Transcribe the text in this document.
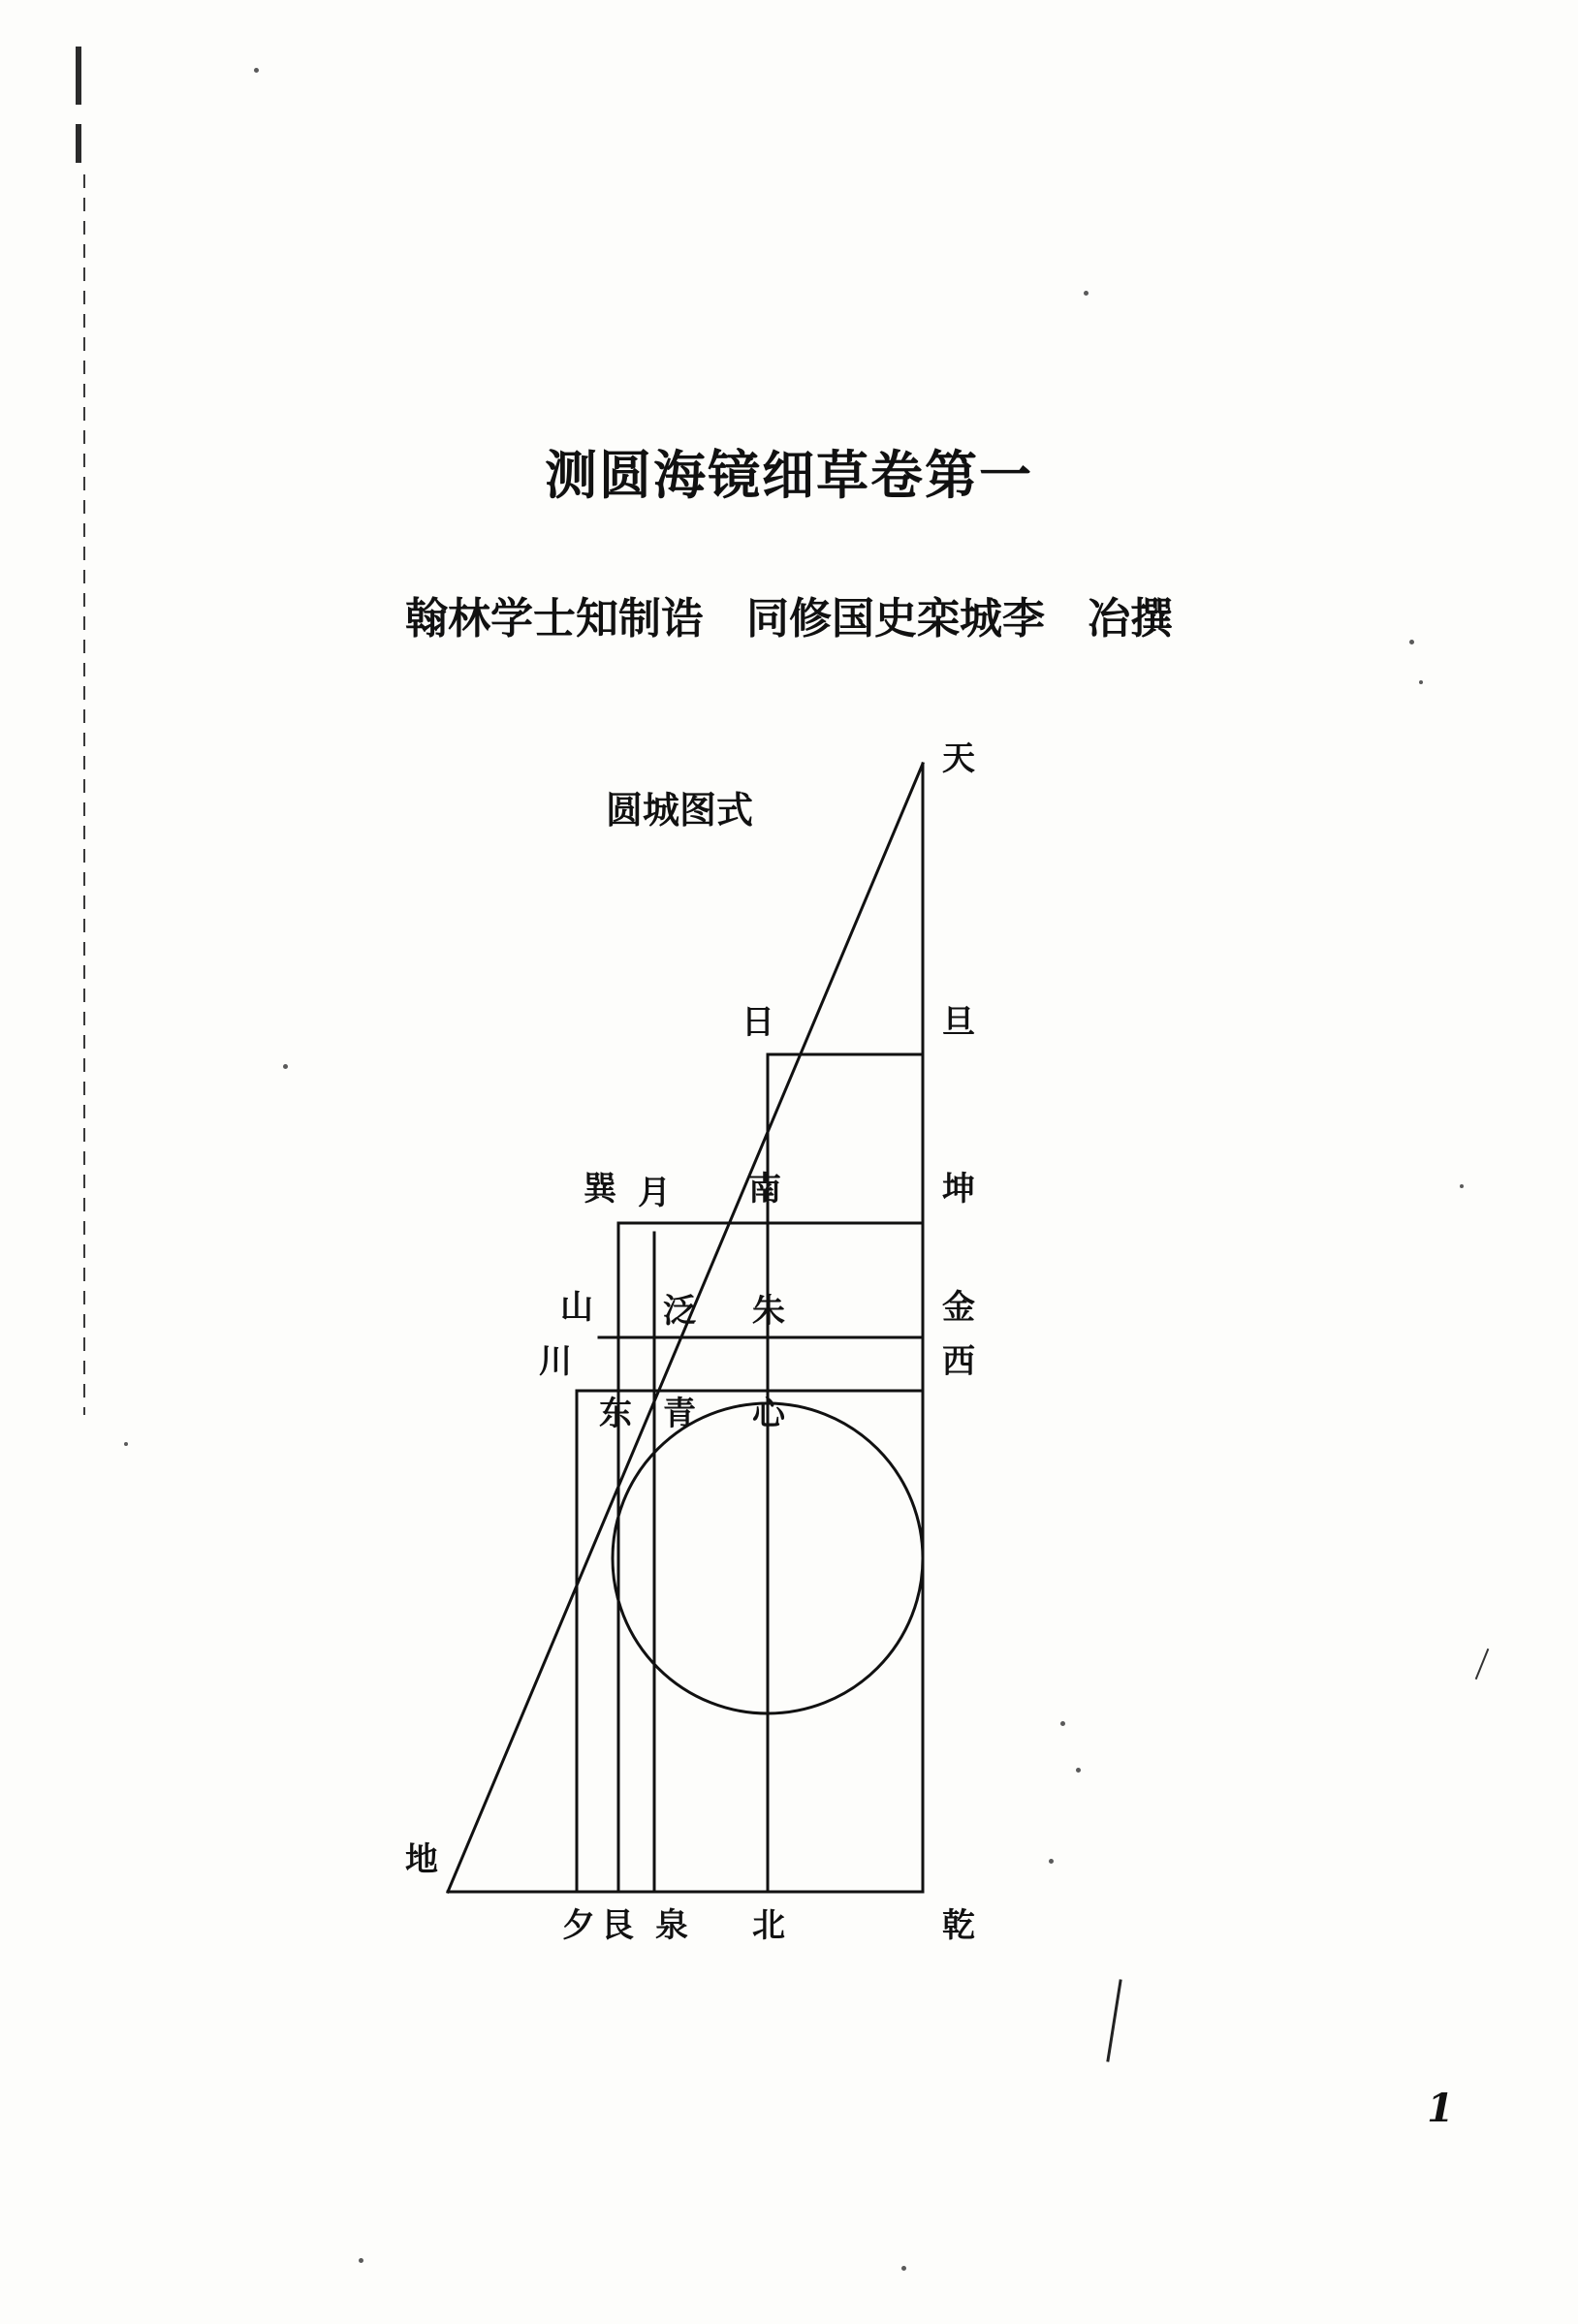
测圆海镜细草卷第一
翰林学士知制诰　同修国史栾城李　冶撰
圆城图式
天
日	旦
巽 月 南	坤
山 泛 朱	金
川	西
东 青 心
地
夕 艮 泉 北	乾
1
